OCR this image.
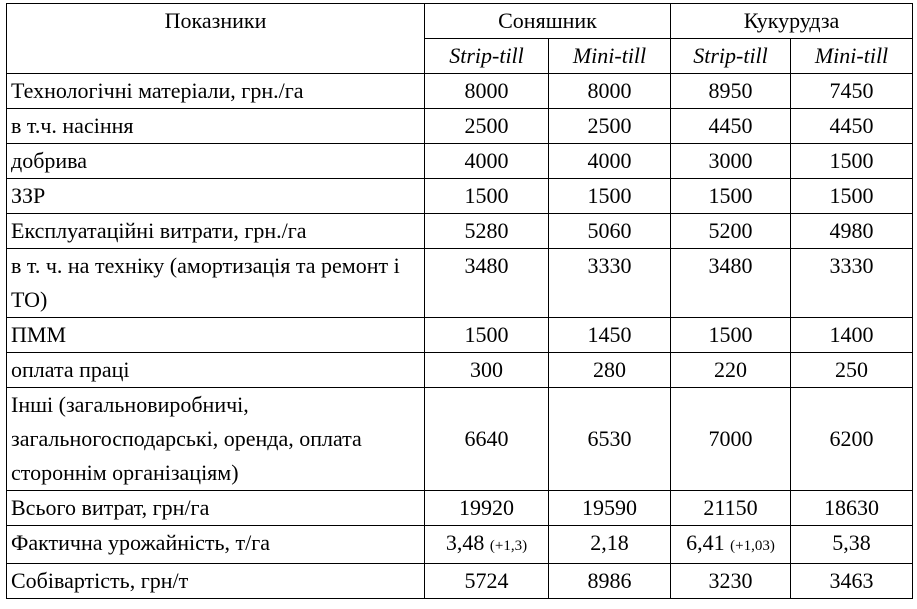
Показники	Соняшник		Кукурудза	
	Strip-till	Mini-till	Strip-till	Mini-till
Технологічні матеріали, грн./га	8000	8000	8950	7450
в т.ч. насіння	2500	2500	4450	4450
добрива	4000	4000	3000	1500
ЗЗР	1500	1500	1500	1500
Експлуатаційні витрати, грн./га	5280	5060	5200	4980
в т. ч. на техніку (амортизація та ремонт і ТО)	3480	3330	3480	3330
ПММ	1500	1450	1500	1400
оплата праці	300	280	220	250
Інші (загальновиробничі, загальногосподарські, оренда, оплата стороннім організаціям)	6640	6530	7000	6200
Всього витрат, грн/га	19920	19590	21150	18630
Фактична урожайність, т/га	3,48 (+1,3)	2,18	6,41 (+1,03)	5,38
Собівартість, грн/т	5724	8986	3230	3463
